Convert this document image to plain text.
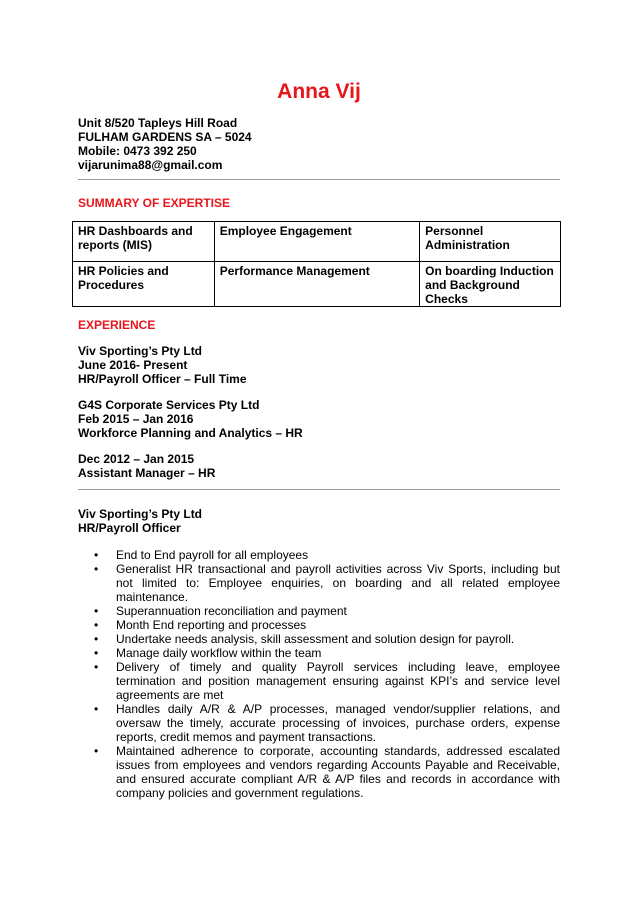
Anna Vij
Unit 8/520 Tapleys Hill Road
FULHAM GARDENS SA – 5024
Mobile: 0473 392 250
vijarunima88@gmail.com
SUMMARY OF EXPERTISE
HR Dashboards and reports (MIS)	Employee Engagement	Personnel Administration
HR Policies and Procedures	Performance Management	On boarding Induction and Background Checks
EXPERIENCE
Viv Sporting’s Pty Ltd
June 2016- Present
HR/Payroll Officer – Full Time
G4S Corporate Services Pty Ltd
Feb 2015 – Jan 2016
Workforce Planning and Analytics – HR
Dec 2012 – Jan 2015
Assistant Manager – HR
Viv Sporting’s Pty Ltd
HR/Payroll Officer
• End to End payroll for all employees
• Generalist HR transactional and payroll activities across Viv Sports, including but not limited to: Employee enquiries, on boarding and all related employee maintenance.
• Superannuation reconciliation and payment
• Month End reporting and processes
• Undertake needs analysis, skill assessment and solution design for payroll.
• Manage daily workflow within the team
• Delivery of timely and quality Payroll services including leave, employee termination and position management ensuring against KPI’s and service level agreements are met
• Handles daily A/R & A/P processes, managed vendor/supplier relations, and oversaw the timely, accurate processing of invoices, purchase orders, expense reports, credit memos and payment transactions.
• Maintained adherence to corporate, accounting standards, addressed escalated issues from employees and vendors regarding Accounts Payable and Receivable, and ensured accurate compliant A/R & A/P files and records in accordance with company policies and government regulations.
